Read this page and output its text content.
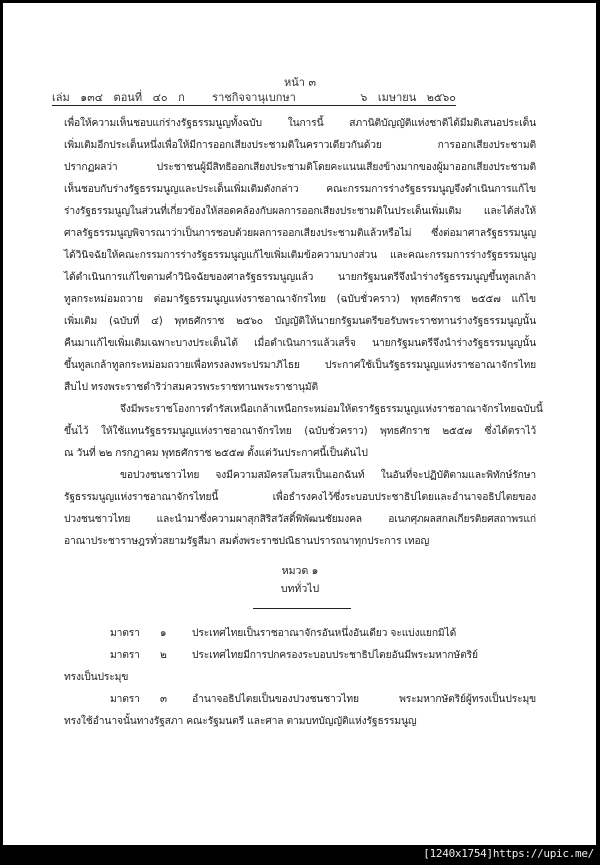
หน้า ๓
เล่ม   ๑๓๔   ตอนที่   ๔๐   ก	ราชกิจจานุเบกษา	๖   เมษายน   ๒๕๖๐
เพื่อให้ความเห็นชอบแก่ร่างรัฐธรรมนูญทั้งฉบับ ในการนี้ สภานิติบัญญัติแห่งชาติได้มีมติเสนอประเด็น
เพิ่มเติมอีกประเด็นหนึ่งเพื่อให้มีการออกเสียงประชามติในคราวเดียวกันด้วย การออกเสียงประชามติ
ปรากฏผลว่า ประชาชนผู้มีสิทธิออกเสียงประชามติโดยคะแนนเสียงข้างมากของผู้มาออกเสียงประชามติ
เห็นชอบกับร่างรัฐธรรมนูญและประเด็นเพิ่มเติมดังกล่าว คณะกรรมการร่างรัฐธรรมนูญจึงดำเนินการแก้ไข
ร่างรัฐธรรมนูญในส่วนที่เกี่ยวข้องให้สอดคล้องกับผลการออกเสียงประชามติในประเด็นเพิ่มเติม และได้ส่งให้
ศาลรัฐธรรมนูญพิจารณาว่าเป็นการชอบด้วยผลการออกเสียงประชามติแล้วหรือไม่ ซึ่งต่อมาศาลรัฐธรรมนูญ
ได้วินิจฉัยให้คณะกรรมการร่างรัฐธรรมนูญแก้ไขเพิ่มเติมข้อความบางส่วน และคณะกรรมการร่างรัฐธรรมนูญ
ได้ดำเนินการแก้ไขตามคำวินิจฉัยของศาลรัฐธรรมนูญแล้ว นายกรัฐมนตรีจึงนำร่างรัฐธรรมนูญขึ้นทูลเกล้า
ทูลกระหม่อมถวาย ต่อมารัฐธรรมนูญแห่งราชอาณาจักรไทย (ฉบับชั่วคราว) พุทธศักราช ๒๕๕๗ แก้ไข
เพิ่มเติม (ฉบับที่ ๔) พุทธศักราช ๒๕๖๐ บัญญัติให้นายกรัฐมนตรีขอรับพระราชทานร่างรัฐธรรมนูญนั้น
คืนมาแก้ไขเพิ่มเติมเฉพาะบางประเด็นได้ เมื่อดำเนินการแล้วเสร็จ นายกรัฐมนตรีจึงนำร่างรัฐธรรมนูญนั้น
ขึ้นทูลเกล้าทูลกระหม่อมถวายเพื่อทรงลงพระปรมาภิไธย ประกาศใช้เป็นรัฐธรรมนูญแห่งราชอาณาจักรไทย
สืบไป ทรงพระราชดำริว่าสมควรพระราชทานพระราชานุมัติ
จึงมีพระราชโองการดำรัสเหนือเกล้าเหนือกระหม่อมให้ตรารัฐธรรมนูญแห่งราชอาณาจักรไทยฉบับนี้
ขึ้นไว้ ให้ใช้แทนรัฐธรรมนูญแห่งราชอาณาจักรไทย (ฉบับชั่วคราว) พุทธศักราช ๒๕๕๗ ซึ่งได้ตราไว้
ณ วันที่ ๒๒ กรกฎาคม พุทธศักราช ๒๕๕๗ ตั้งแต่วันประกาศนี้เป็นต้นไป
ขอปวงชนชาวไทย จงมีความสมัครสโมสรเป็นเอกฉันท์ ในอันที่จะปฏิบัติตามและพิทักษ์รักษา
รัฐธรรมนูญแห่งราชอาณาจักรไทยนี้ เพื่อธำรงคงไว้ซึ่งระบอบประชาธิปไตยและอำนาจอธิปไตยของ
ปวงชนชาวไทย และนำมาซึ่งความผาสุกสิริสวัสดิ์พิพัฒนชัยมงคล อเนกศุภผลสกลเกียรติยศสถาพรแก่
อาณาประชาราษฎรทั่วสยามรัฐสีมา สมดั่งพระราชปณิธานปรารถนาทุกประการ เทอญ
หมวด ๑
บททั่วไป
มาตรา ๑ ประเทศไทยเป็นราชอาณาจักรอันหนึ่งอันเดียว จะแบ่งแยกมิได้
มาตรา ๒ ประเทศไทยมีการปกครองระบอบประชาธิปไตยอันมีพระมหากษัตริย์
ทรงเป็นประมุข
มาตรา ๓ อำนาจอธิปไตยเป็นของปวงชนชาวไทย พระมหากษัตริย์ผู้ทรงเป็นประมุข
ทรงใช้อำนาจนั้นทางรัฐสภา คณะรัฐมนตรี และศาล ตามบทบัญญัติแห่งรัฐธรรมนูญ
[1240x1754]https://upic.me/
